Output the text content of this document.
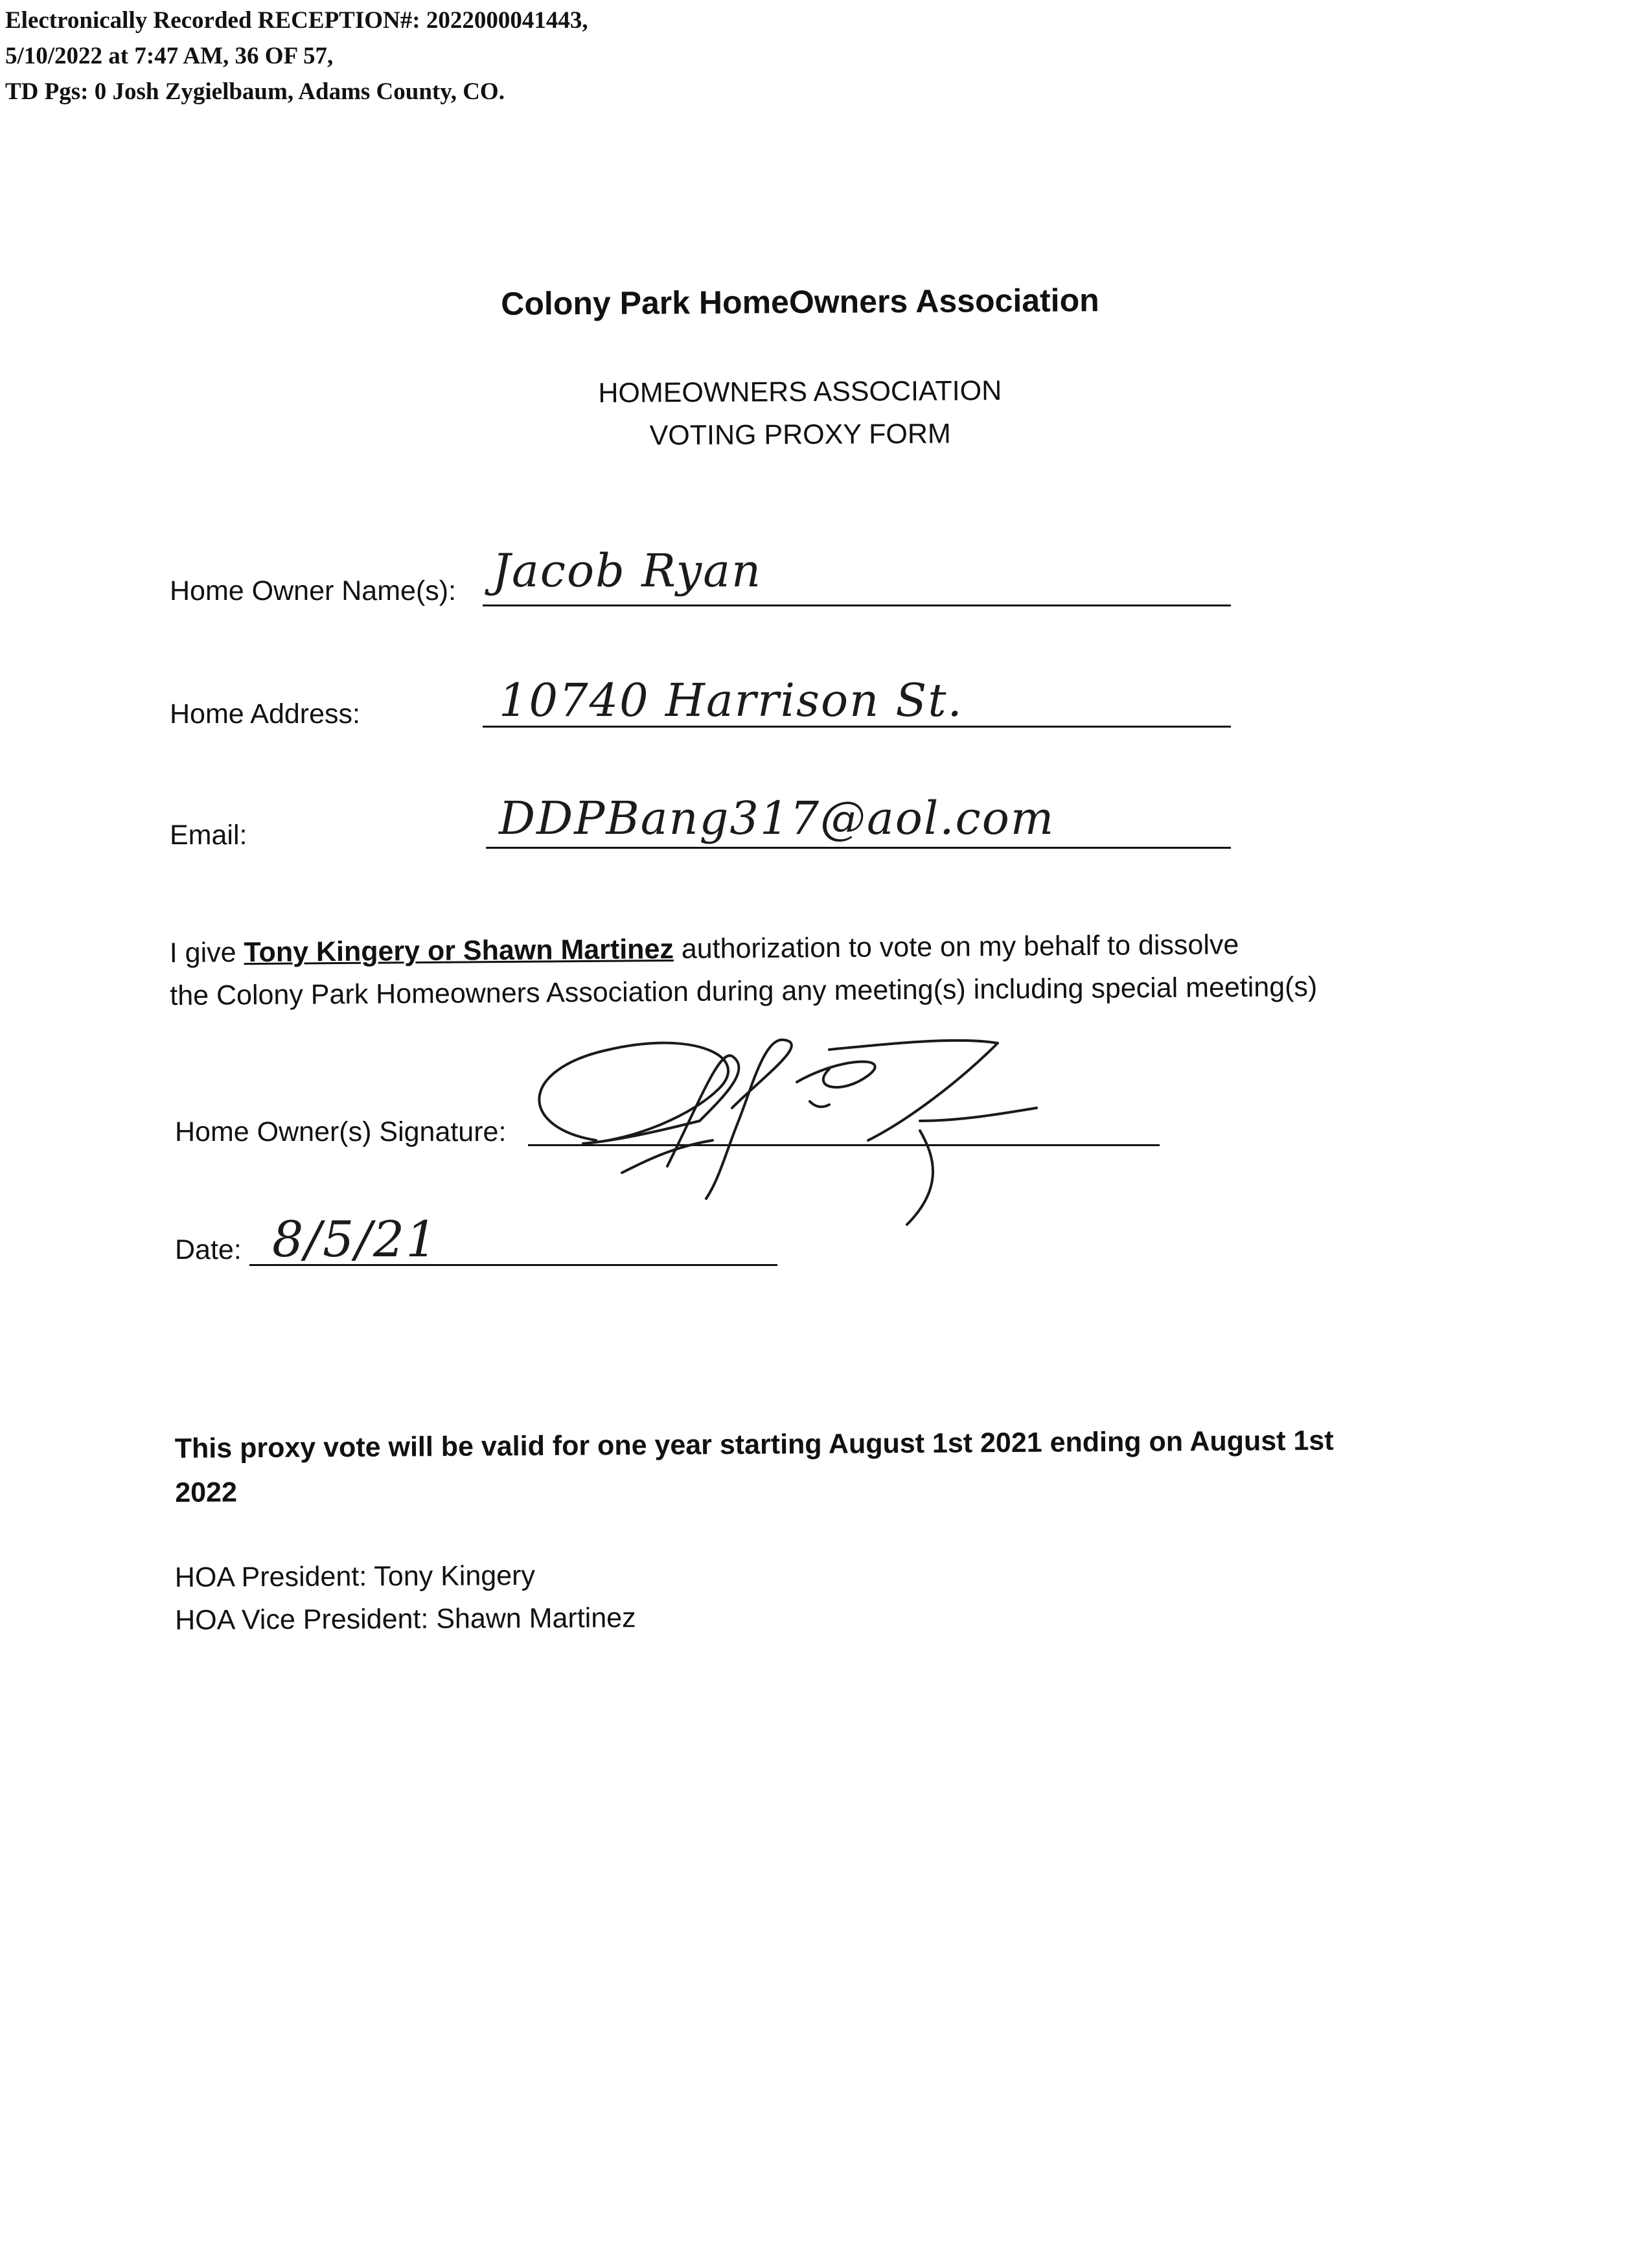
Electronically Recorded RECEPTION#: 2022000041443,
5/10/2022 at 7:47 AM, 36 OF 57,
TD Pgs: 0 Josh Zygielbaum, Adams County, CO.
Colony Park HomeOwners Association
HOMEOWNERS ASSOCIATION
VOTING PROXY FORM
Home Owner Name(s): Jacob Ryan
Home Address:	10740 Harrison St.
Email:	DDPBang317@aol.com
I give Tony Kingery or Shawn Martinez authorization to vote on my behalf to dissolve
the Colony Park Homeowners Association during any meeting(s) including special meeting(s)
Home Owner(s) Signature:
Date: 8/5/21
This proxy vote will be valid for one year starting August 1st 2021 ending on August 1st
2022
HOA President: Tony Kingery
HOA Vice President: Shawn Martinez
